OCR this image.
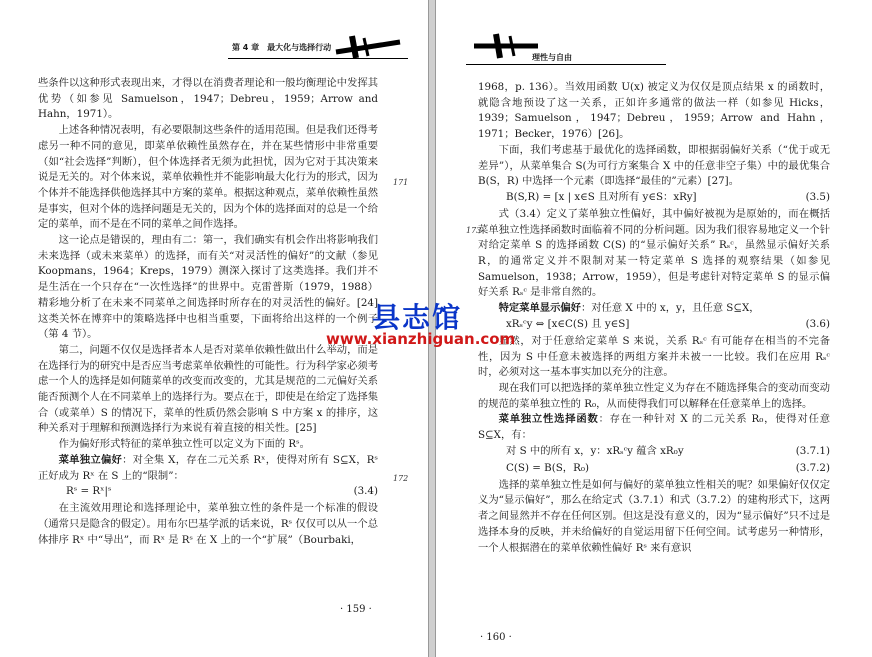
第 4 章　最大化与选择行动

些条件以这种形式表现出来，才得以在消费者理论和一般均衡理论中发挥其优势（如参见 Samuelson，1947；Debreu，1959；Arrow and Hahn，1971）。

上述各种情况表明，有必要限制这些条件的适用范围。但是我们还得考虑另一种不同的意见，即菜单依赖性虽然存在，并在某些情形中非常重要（如“社会选择”判断），但个体选择者无须为此担忧，因为它对于其决策来说是无关的。对个体来说，菜单依赖性并不能影响最大化行为的形式，因为个体并不能选择供他选择其中方案的菜单。根据这种观点，菜单依赖性虽然是事实，但对个体的选择问题是无关的，因为个体的选择面对的总是一个给定的菜单，而不是在不同的菜单之间作选择。

这一论点是错误的，理由有二：第一，我们确实有机会作出将影响我们未来选择（或未来菜单）的选择，而有关“对灵活性的偏好”的文献（参见 Koopmans，1964；Kreps，1979）测深入探讨了这类选择。我们并不是生活在一个只存在“一次性选择”的世界中。克雷普斯（1979，1988）精彩地分析了在未来不同菜单之间选择时所存在的对灵活性的偏好。[24] 这类关怀在博弈中的策略选择中也相当重要，下面将给出这样的一个例子（第 4 节）。

第二，问题不仅仅是选择者本人是否对菜单依赖性做出什么举动，而是在选择行为的研究中是否应当考虑菜单依赖性的可能性。行为科学家必须考虑一个人的选择是如何随菜单的改变而改变的，尤其是规范的二元偏好关系能否预测个人在不同菜单上的选择行为。要点在于，即使是在给定了选择集合（或菜单）S 的情况下，菜单的性质仍然会影响 S 中方案 x 的排序，这种关系对于理解和预测选择行为来说有着直接的相关性。[25]

作为偏好形式特征的菜单独立性可以定义为下面的 Rˢ。

菜单独立偏好：对全集 X，存在二元关系 Rˣ，使得对所有 S⊆X，Rˢ 正好成为 Rˣ 在 S 上的“限制”：

Rˢ = Rˣ|ˢ	(3.4)

在主流效用理论和选择理论中，菜单独立性的条件是一个标准的假设（通常只是隐含的假定）。用布尔巴基学派的话来说，Rˢ 仅仅可以从一个总体排序 Rˣ 中“导出”，而 Rˣ 是 Rˢ 在 X 上的一个“扩展”（Bourbaki，

171
172
· 159 ·
理性与自由

1968，p. 136）。当效用函数 U(x) 被定义为仅仅是顶点结果 x 的函数时，就隐含地预设了这一关系，正如许多通常的做法一样（如参见 Hicks，1939；Samuelson，1947；Debreu，1959；Arrow and Hahn，1971；Becker，1976）[26]。

下面，我们考虑基于最优化的选择函数，即根据弱偏好关系（“优于或无差异”），从菜单集合 S(为可行方案集合 X 中的任意非空子集）中的最优集合 B(S，R) 中选择一个元素（即选择“最佳的”元素）[27]。

B(S,R) = [x | x∈S 且对所有 y∈S：xRy]	(3.5)

式（3.4）定义了菜单独立性偏好，其中偏好被视为是原始的，而在概括菜单独立性选择函数时面临着不同的分析问题。因为我们很容易地定义一个针对给定菜单 S 的选择函数 C(S) 的“显示偏好关系” Rₛᶜ，虽然显示偏好关系 R，的通常定义并不限制对某一特定菜单 S 选择的观察结果（如参见 Samuelson，1938；Arrow，1959），但是考虑针对特定菜单 S 的显示偏好关系 Rₛᶜ 是非常自然的。

特定菜单显示偏好：对任意 X 中的 x，y，且任意 S⊆X，

xRₛᶜy ⇔ [x∈C(S) 且 y∈S]	(3.6)

显然，对于任意给定菜单 S 来说，关系 Rₛᶜ 有可能存在相当的不完备性，因为 S 中任意未被选择的两组方案并未被一一比较。我们在应用 Rₛᶜ 时，必须对这一基本事实加以充分的注意。

现在我们可以把选择的菜单独立性定义为存在不随选择集合的变动而变动的规范的菜单独立性的 R₀，从而使得我们可以解释在任意菜单上的选择。

菜单独立性选择函数：存在一种针对 X 的二元关系 R₀，使得对任意 S⊆X，有：

对 S 中的所有 x，y：xRₛᶜy 蕴含 xR₀y	(3.7.1)
C(S) = B(S，R₀)	(3.7.2)

选择的菜单独立性是如何与偏好的菜单独立性相关的呢？如果偏好仅仅定义为“显示偏好”，那么在给定式（3.7.1）和式（3.7.2）的建构形式下，这两者之间显然并不存在任何区别。但这是没有意义的，因为“显示偏好”只不过是选择本身的反映，并未给偏好的自觉运用留下任何空间。试考虑另一种情形，一个人根据潜在的菜单依赖性偏好 Rˢ 来有意识

173
· 160 ·
县志馆
www.xianzhiguan.com
